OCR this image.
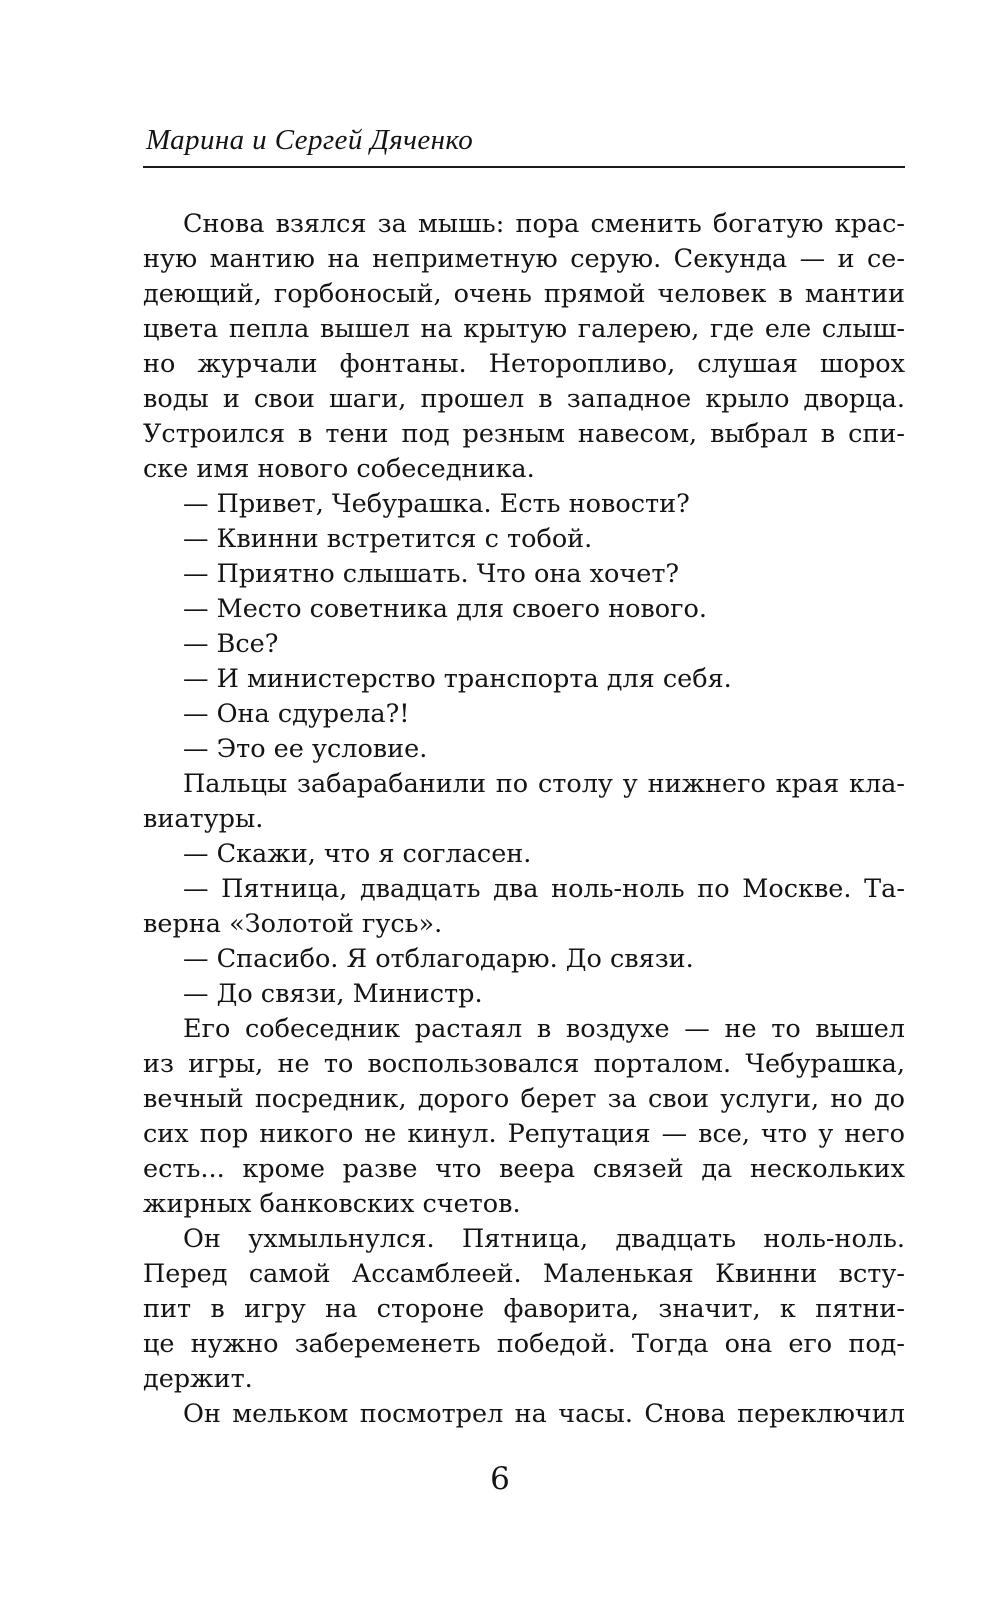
Марина и Сергей Дяченко
Снова взялся за мышь: пора сменить богатую крас-
ную мантию на неприметную серую. Секунда — и се-
деющий, горбоносый, очень прямой человек в мантии
цвета пепла вышел на крытую галерею, где еле слыш-
но журчали фонтаны. Неторопливо, слушая шорох
воды и свои шаги, прошел в западное крыло дворца.
Устроился в тени под резным навесом, выбрал в спи-
ске имя нового собеседника.
— Привет, Чебурашка. Есть новости?
— Квинни встретится с тобой.
— Приятно слышать. Что она хочет?
— Место советника для своего нового.
— Все?
— И министерство транспорта для себя.
— Она сдурела?!
— Это ее условие.
Пальцы забарабанили по столу у нижнего края кла-
виатуры.
— Скажи, что я согласен.
— Пятница, двадцать два ноль-ноль по Москве. Та-
верна «Золотой гусь».
— Спасибо. Я отблагодарю. До связи.
— До связи, Министр.
Его собеседник растаял в воздухе — не то вышел
из игры, не то воспользовался порталом. Чебурашка,
вечный посредник, дорого берет за свои услуги, но до
сих пор никого не кинул. Репутация — все, что у него
есть... кроме разве что веера связей да нескольких
жирных банковских счетов.
Он ухмыльнулся. Пятница, двадцать ноль-ноль.
Перед самой Ассамблеей. Маленькая Квинни всту-
пит в игру на стороне фаворита, значит, к пятни-
це нужно забеременеть победой. Тогда она его под-
держит.
Он мельком посмотрел на часы. Снова переключил
6
